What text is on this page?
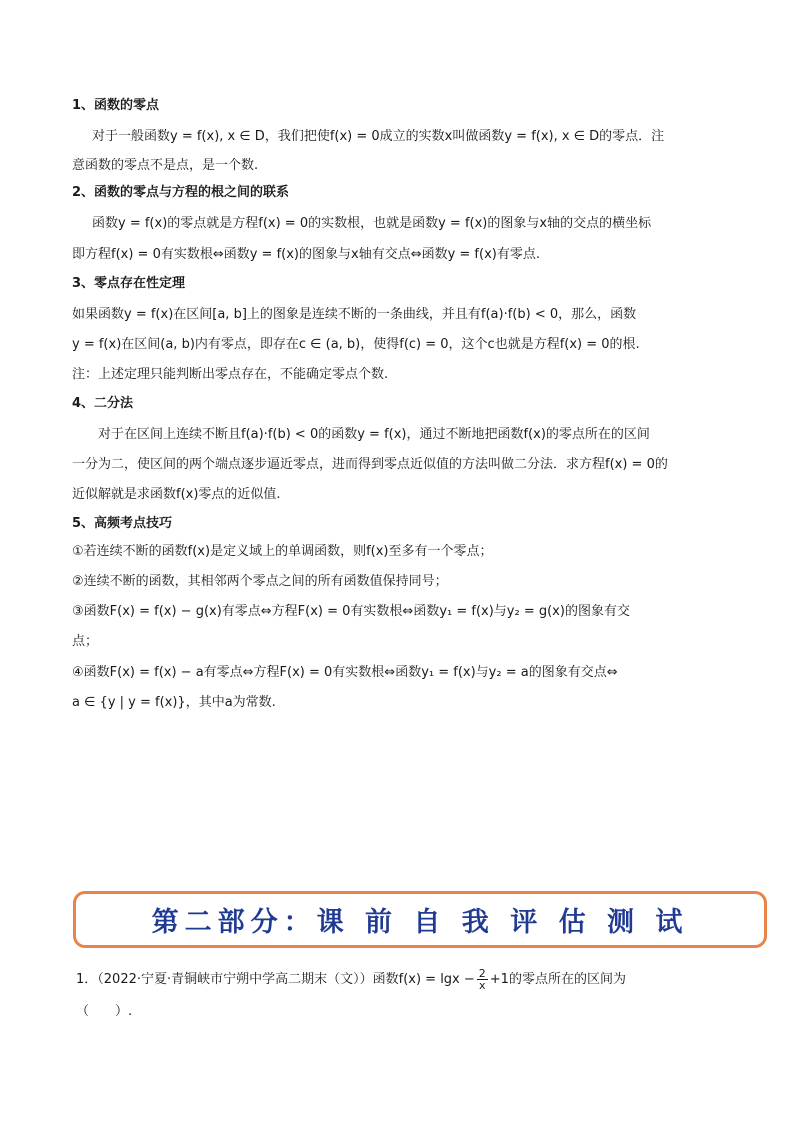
1、函数的零点
对于一般函数y = f(x), x ∈ D，我们把使f(x) = 0成立的实数x叫做函数y = f(x), x ∈ D的零点．注
意函数的零点不是点，是一个数.
2、函数的零点与方程的根之间的联系
函数y = f(x)的零点就是方程f(x) = 0的实数根，也就是函数y = f(x)的图象与x轴的交点的横坐标
即方程f(x) = 0有实数根⇔函数y = f(x)的图象与x轴有交点⇔函数y = f(x)有零点.
3、零点存在性定理
如果函数y = f(x)在区间[a, b]上的图象是连续不断的一条曲线，并且有f(a)·f(b) < 0，那么，函数
y = f(x)在区间(a, b)内有零点，即存在c ∈ (a, b)，使得f(c) = 0，这个c也就是方程f(x) = 0的根.
注：上述定理只能判断出零点存在，不能确定零点个数.
4、二分法
对于在区间上连续不断且f(a)·f(b) < 0的函数y = f(x)，通过不断地把函数f(x)的零点所在的区间
一分为二，使区间的两个端点逐步逼近零点，进而得到零点近似值的方法叫做二分法．求方程f(x) = 0的
近似解就是求函数f(x)零点的近似值.
5、高频考点技巧
①若连续不断的函数f(x)是定义域上的单调函数，则f(x)至多有一个零点；
②连续不断的函数，其相邻两个零点之间的所有函数值保持同号；
③函数F(x) = f(x) − g(x)有零点⇔方程F(x) = 0有实数根⇔函数y₁ = f(x)与y₂ = g(x)的图象有交
点；
④函数F(x) = f(x) − a有零点⇔方程F(x) = 0有实数根⇔函数y₁ = f(x)与y₂ = a的图象有交点⇔
a ∈ {y | y = f(x)}，其中a为常数.
第二部分：课 前 自 我 评 估 测 试
1．（2022·宁夏·青铜峡市宁朔中学高二期末（文））函数$f(x) = \lg x - \frac{2}{x} +1$的零点所在的区间为
（　　）.
